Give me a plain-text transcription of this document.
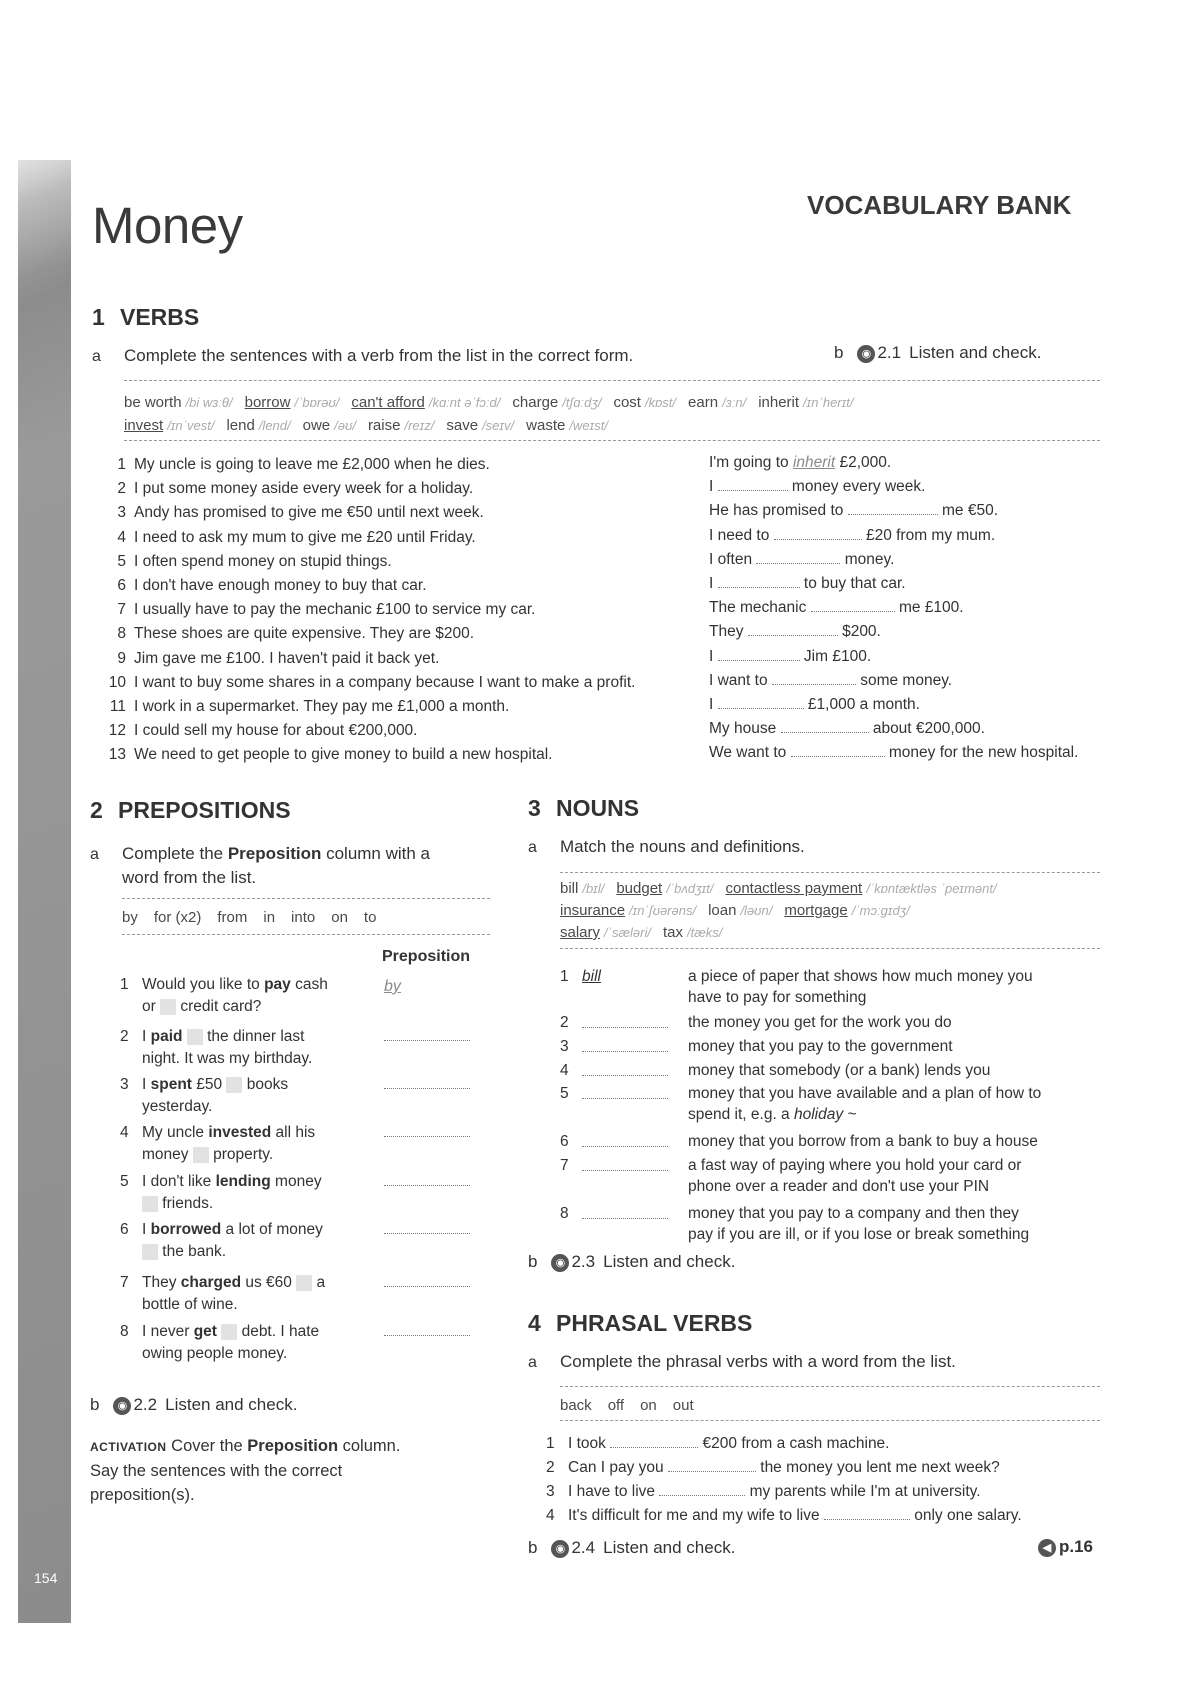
154
Money	VOCABULARY BANK
1 VERBS
a Complete the sentences with a verb from the list in the correct form.	b ◉ 2.1 Listen and check.
be worth /bi wɜːθ/ borrow /ˈbɒrəʊ/ can't afford /kɑːnt əˈfɔːd/ charge /tʃɑːdʒ/ cost /kɒst/ earn /ɜːn/ inherit /ɪnˈherɪt/
invest /ɪnˈvest/ lend /lend/ owe /əʊ/ raise /reɪz/ save /seɪv/ waste /weɪst/
1 My uncle is going to leave me £2,000 when he dies.	I'm going to inherit £2,000.
2 I put some money aside every week for a holiday.	I	money every week.
3 Andy has promised to give me €50 until next week.	He has promised to	me €50.
4 I need to ask my mum to give me £20 until Friday.	I need to	£20 from my mum.
5 I often spend money on stupid things.	I often	money.
6 I don't have enough money to buy that car.	I	to buy that car.
7 I usually have to pay the mechanic £100 to service my car.	The mechanic	me £100.
8 These shoes are quite expensive. They are $200.	They	$200.
9 Jim gave me £100. I haven't paid it back yet.	I	Jim £100.
10 I want to buy some shares in a company because I want to make a profit.	I want to	some money.
11 I work in a supermarket. They pay me £1,000 a month.	I	£1,000 a month.
12 I could sell my house for about €200,000.	My house	about €200,000.
13 We need to get people to give money to build a new hospital.	We want to	money for the new hospital.
2 PREPOSITIONS
a Complete the Preposition column with a
word from the list.
by for (x2) from in into on to
Preposition
1 Would you like to pay cash
or  credit card?
by
2 I paid  the dinner last
night. It was my birthday.
3 I spent £50  books
yesterday.
4 My uncle invested all his
money  property.
5 I don't like lending money
friends.
6 I borrowed a lot of money
the bank.
7 They charged us €60  a
bottle of wine.
8 I never get  debt. I hate
owing people money.
b ◉ 2.2 Listen and check.
ACTIVATION Cover the Preposition column.
Say the sentences with the correct
preposition(s).
3 NOUNS
a Match the nouns and definitions.
bill /bɪl/ budget /ˈbʌdʒɪt/ contactless payment /ˈkɒntæktləs ˈpeɪmənt/
insurance /ɪnˈʃʊərəns/ loan /ləʊn/ mortgage /ˈmɔːɡɪdʒ/
salary /ˈsæləri/ tax /tæks/
1 bill	a piece of paper that shows how much money you
have to pay for something
2	the money you get for the work you do
3	money that you pay to the government
4	money that somebody (or a bank) lends you
5	money that you have available and a plan of how to
spend it, e.g. a holiday ~
6	money that you borrow from a bank to buy a house
7	a fast way of paying where you hold your card or
phone over a reader and don't use your PIN
8	money that you pay to a company and then they
pay if you are ill, or if you lose or break something
b ◉ 2.3 Listen and check.
4 PHRASAL VERBS
a Complete the phrasal verbs with a word from the list.
back off on out
1 I took	€200 from a cash machine.
2 Can I pay you	the money you lent me next week?
3 I have to live	my parents while I'm at university.
4 It's difficult for me and my wife to live	only one salary.
b ◉ 2.4 Listen and check.	◀ p.16
